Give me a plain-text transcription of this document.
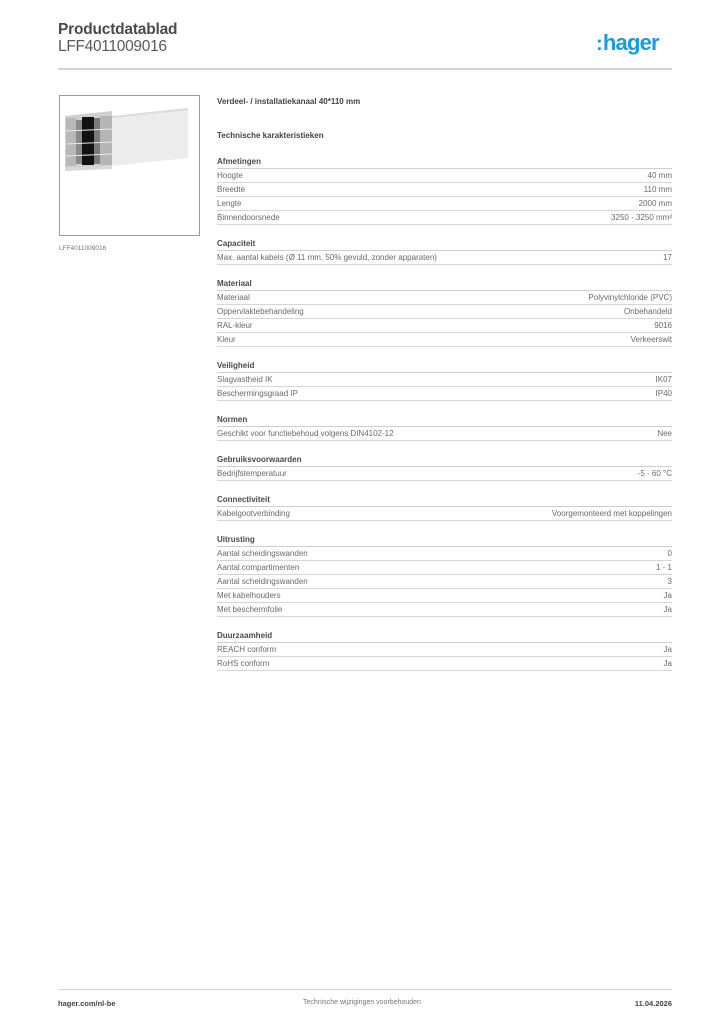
Productdatablad
LFF4011009016	:hager
LFF4011009016
Verdeel- / installatiekanaal 40*110 mm
Technische karakteristieken
Afmetingen
Hoogte	40 mm
Breedte	110 mm
Lengte	2000 mm
Binnendoorsnede	3250 - 3250 mm²
Capaciteit
Max. aantal kabels (Ø 11 mm, 50% gevuld, zonder apparaten)	17
Materiaal
Materiaal	Polyvinylchloride (PVC)
Oppervlaktebehandeling	Onbehandeld
RAL-kleur	9016
Kleur	Verkeerswit
Veiligheid
Slagvastheid IK	IK07
Beschermingsgraad IP	IP40
Normen
Geschikt voor functiebehoud volgens DIN4102-12	Nee
Gebruiksvoorwaarden
Bedrijfstemperatuur	-5 - 60 °C
Connectiviteit
Kabelgootverbinding	Voorgemonteerd met koppelingen
Uitrusting
Aantal scheidingswanden	0
Aantal compartimenten	1 - 1
Aantal scheidingswanden	3
Met kabelhouders	Ja
Met beschermfolie	Ja
Duurzaamheid
REACH conform	Ja
RoHS conform	Ja
hager.com/nl-be	Technische wijzigingen voorbehouden	11.04.2026
